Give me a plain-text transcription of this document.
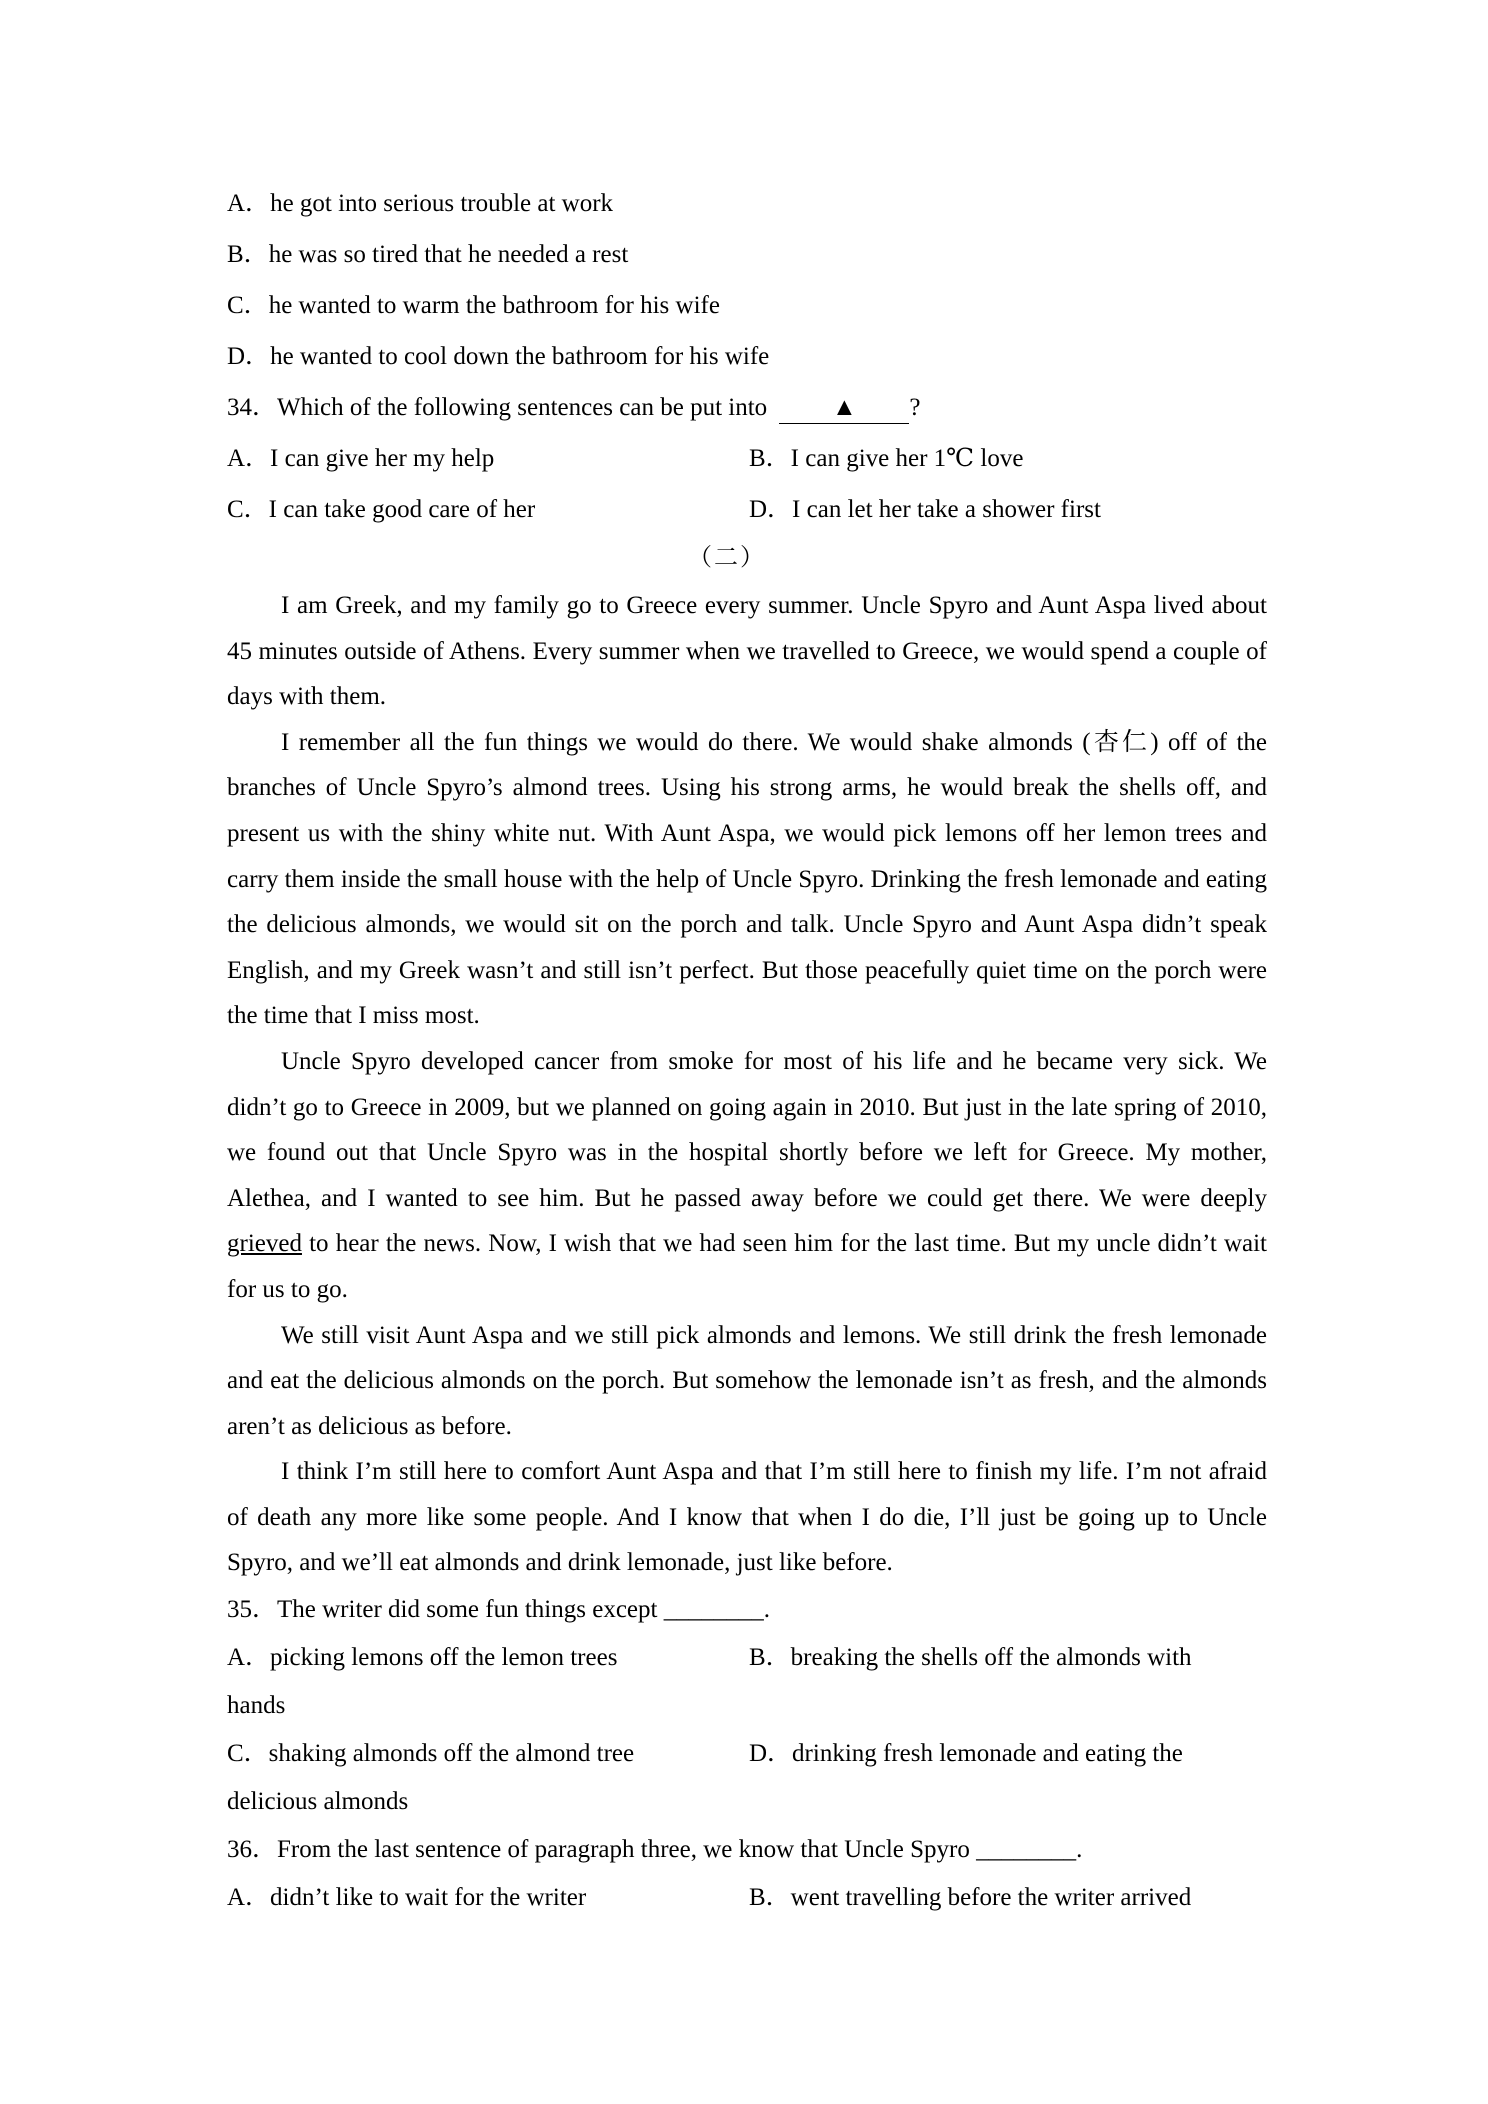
A．he got into serious trouble at work
B．he was so tired that he needed a rest
C．he wanted to warm the bathroom for his wife
D．he wanted to cool down the bathroom for his wife
34．Which of the following sentences can be put into	▲ ?
A．I can give her my help	B．I can give her 1℃ love
C．I can take good care of her	D．I can let her take a shower first
（二）

I am Greek, and my family go to Greece every summer. Uncle Spyro and Aunt Aspa lived about 45 minutes outside of Athens. Every summer when we travelled to Greece, we would spend a couple of days with them.

I remember all the fun things we would do there. We would shake almonds (杏仁) off of the branches of Uncle Spyro’s almond trees. Using his strong arms, he would break the shells off, and present us with the shiny white nut. With Aunt Aspa, we would pick lemons off her lemon trees and carry them inside the small house with the help of Uncle Spyro. Drinking the fresh lemonade and eating the delicious almonds, we would sit on the porch and talk. Uncle Spyro and Aunt Aspa didn’t speak English, and my Greek wasn’t and still isn’t perfect. But those peacefully quiet time on the porch were the time that I miss most.

Uncle Spyro developed cancer from smoke for most of his life and he became very sick. We didn’t go to Greece in 2009, but we planned on going again in 2010. But just in the late spring of 2010, we found out that Uncle Spyro was in the hospital shortly before we left for Greece. My mother, Alethea, and I wanted to see him. But he passed away before we could get there. We were deeply grieved to hear the news. Now, I wish that we had seen him for the last time. But my uncle didn’t wait for us to go.

We still visit Aunt Aspa and we still pick almonds and lemons. We still drink the fresh lemonade and eat the delicious almonds on the porch. But somehow the lemonade isn’t as fresh, and the almonds aren’t as delicious as before.

I think I’m still here to comfort Aunt Aspa and that I’m still here to finish my life. I’m not afraid of death any more like some people. And I know that when I do die, I’ll just be going up to Uncle Spyro, and we’ll eat almonds and drink lemonade, just like before.

35．The writer did some fun things except ________.
A．picking lemons off the lemon trees	B．breaking the shells off the almonds with
hands
C．shaking almonds off the almond tree	D．drinking fresh lemonade and eating the
delicious almonds
36．From the last sentence of paragraph three, we know that Uncle Spyro ________.
A．didn’t like to wait for the writer	B．went travelling before the writer arrived
